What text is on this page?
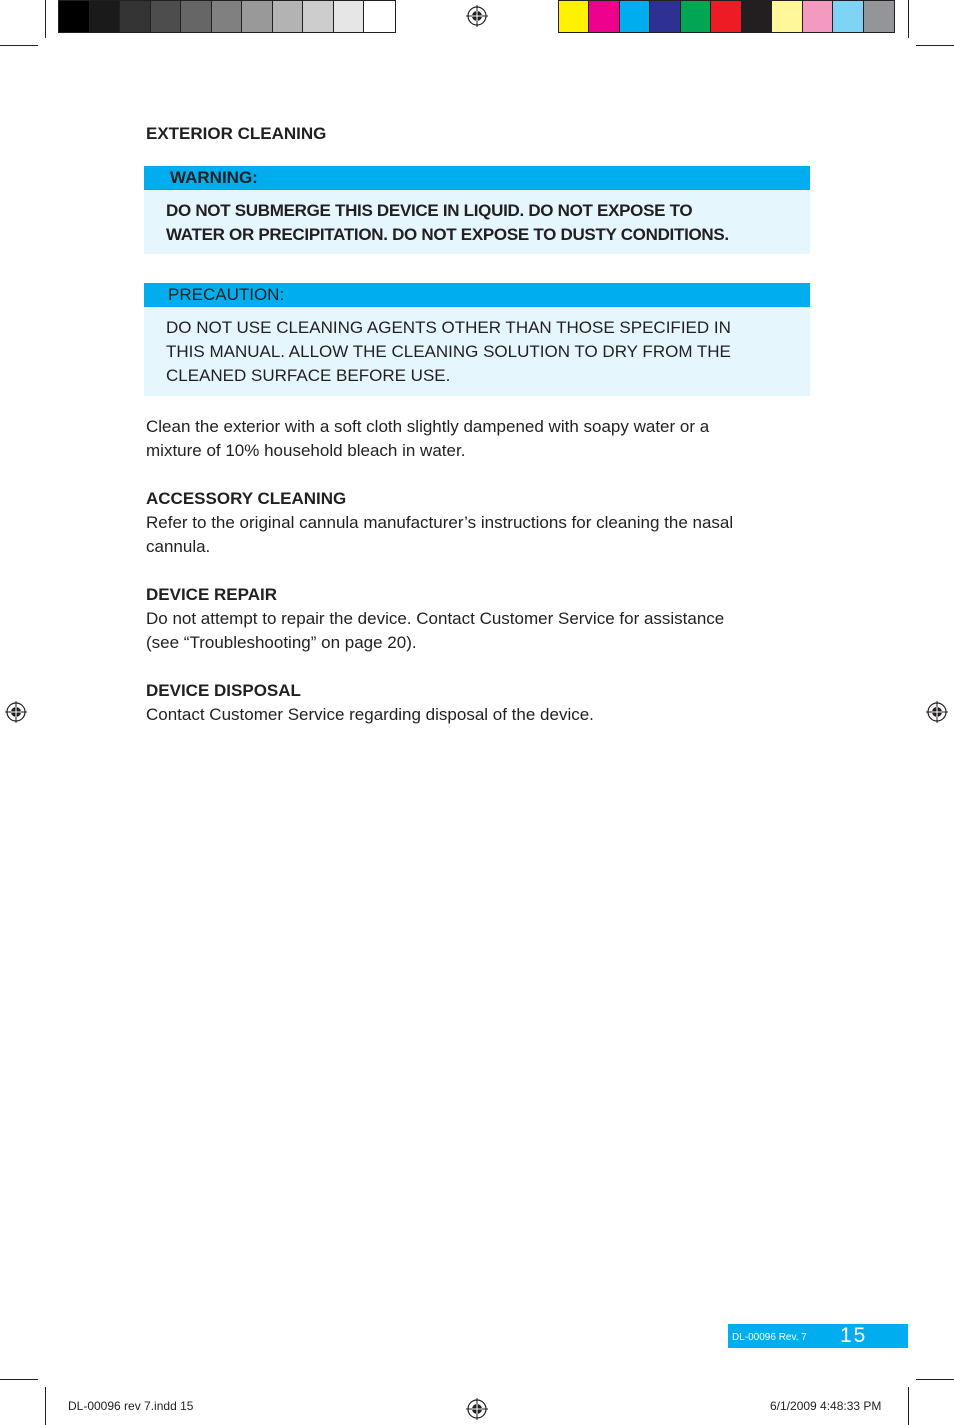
EXTERIOR CLEANING

WARNING:
DO NOT SUBMERGE THIS DEVICE IN LIQUID. DO NOT EXPOSE TO
WATER OR PRECIPITATION. DO NOT EXPOSE TO DUSTY CONDITIONS.
PRECAUTION:
DO NOT USE CLEANING AGENTS OTHER THAN THOSE SPECIFIED IN
THIS MANUAL. ALLOW THE CLEANING SOLUTION TO DRY FROM THE
CLEANED SURFACE BEFORE USE.

Clean the exterior with a soft cloth slightly dampened with soapy water or a

mixture of 10% household bleach in water.

ACCESSORY CLEANING

Refer to the original cannula manufacturer’s instructions for cleaning the nasal

cannula.

DEVICE REPAIR

Do not attempt to repair the device. Contact Customer Service for assistance

(see “Troubleshooting” on page 20).

DEVICE DISPOSAL

Contact Customer Service regarding disposal of the device.

DL-00096 Rev. 7 15
DL-00096 rev 7.indd 15	6/1/2009 4:48:33 PM
